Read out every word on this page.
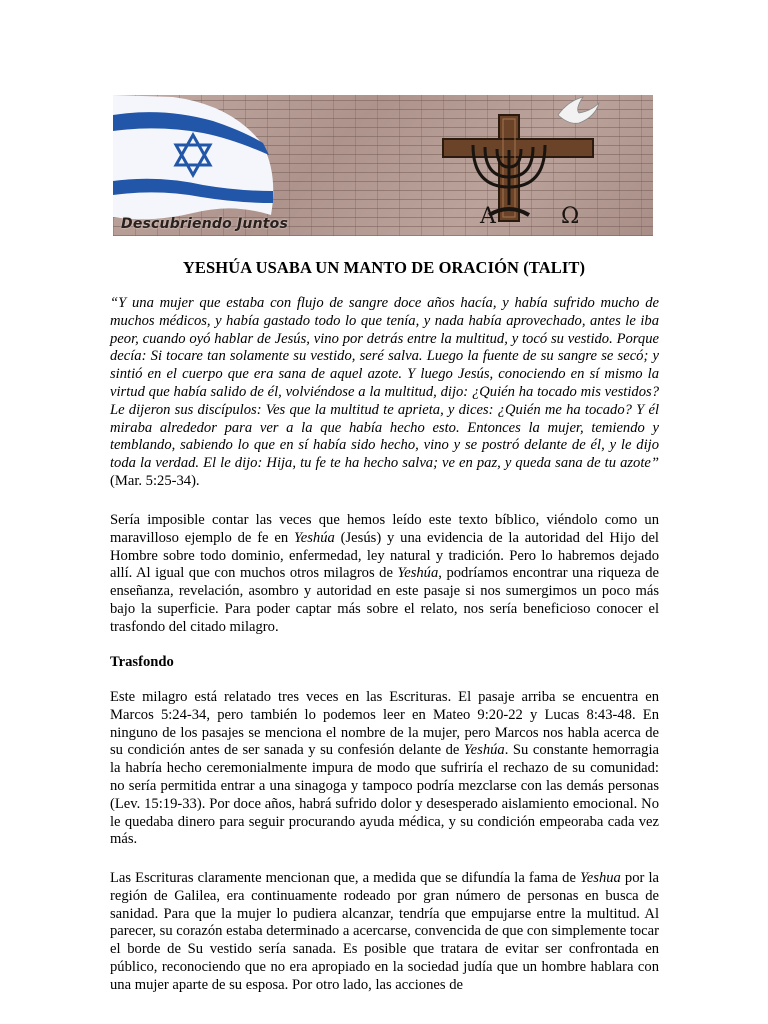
Descubriendo Juntos	A	Ω
YESHÚA USABA UN MANTO DE ORACIÓN (TALIT)

“Y una mujer que estaba con flujo de sangre doce años hacía, y había sufrido mucho de muchos médicos, y había gastado todo lo que tenía, y nada había aprovechado, antes le iba peor, cuando oyó hablar de Jesús, vino por detrás entre la multitud, y tocó su vestido. Porque decía: Si tocare tan solamente su vestido, seré salva. Luego la fuente de su sangre se secó; y sintió en el cuerpo que era sana de aquel azote. Y luego Jesús, conociendo en sí mismo la virtud que había salido de él, volviéndose a la multitud, dijo: ¿Quién ha tocado mis vestidos? Le dijeron sus discípulos: Ves que la multitud te aprieta, y dices: ¿Quién me ha tocado? Y él miraba alrededor para ver a la que había hecho esto. Entonces la mujer, temiendo y temblando, sabiendo lo que en sí había sido hecho, vino y se postró delante de él, y le dijo toda la verdad. El le dijo: Hija, tu fe te ha hecho salva; ve en paz, y queda sana de tu azote” (Mar. 5:25-34).

Sería imposible contar las veces que hemos leído este texto bíblico, viéndolo como un maravilloso ejemplo de fe en Yeshúa (Jesús) y una evidencia de la autoridad del Hijo del Hombre sobre todo dominio, enfermedad, ley natural y tradición. Pero lo habremos dejado allí. Al igual que con muchos otros milagros de Yeshúa, podríamos encontrar una riqueza de enseñanza, revelación, asombro y autoridad en este pasaje si nos sumergimos un poco más bajo la superficie. Para poder captar más sobre el relato, nos sería beneficioso conocer el trasfondo del citado milagro.

Trasfondo

Este milagro está relatado tres veces en las Escrituras. El pasaje arriba se encuentra en Marcos 5:24-34, pero también lo podemos leer en Mateo 9:20-22 y Lucas 8:43-48. En ninguno de los pasajes se menciona el nombre de la mujer, pero Marcos nos habla acerca de su condición antes de ser sanada y su confesión delante de Yeshúa. Su constante hemorragia la habría hecho ceremonialmente impura de modo que sufriría el rechazo de su comunidad: no sería permitida entrar a una sinagoga y tampoco podría mezclarse con las demás personas (Lev. 15:19-33). Por doce años, habrá sufrido dolor y desesperado aislamiento emocional. No le quedaba dinero para seguir procurando ayuda médica, y su condición empeoraba cada vez más.

Las Escrituras claramente mencionan que, a medida que se difundía la fama de Yeshua por la región de Galilea, era continuamente rodeado por gran número de personas en busca de sanidad. Para que la mujer lo pudiera alcanzar, tendría que empujarse entre la multitud. Al parecer, su corazón estaba determinado a acercarse, convencida de que con simplemente tocar el borde de Su vestido sería sanada. Es posible que tratara de evitar ser confrontada en público, reconociendo que no era apropiado en la sociedad judía que un hombre hablara con una mujer aparte de su esposa. Por otro lado, las acciones de
